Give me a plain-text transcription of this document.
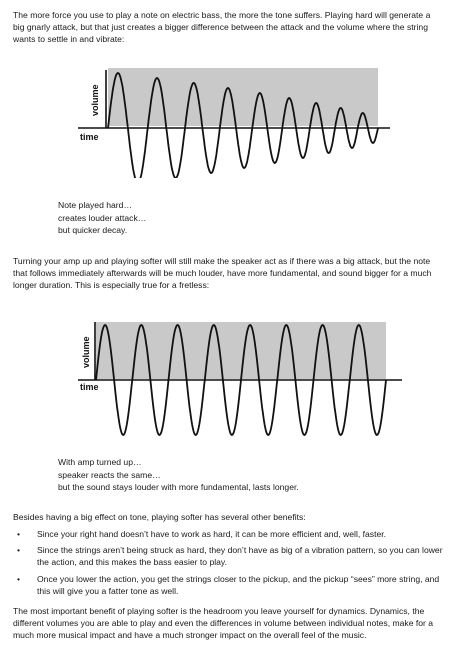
The more force you use to play a note on electric bass, the more the tone suffers. Playing hard will generate a big gnarly attack, but that just creates a bigger difference between the attack and the volume where the string wants to settle in and vibrate:

volume
time
Note played hard…
creates louder attack…
but quicker decay.

Turning your amp up and playing softer will still make the speaker act as if there was a big attack, but the note that follows immediately afterwards will be much louder, have more fundamental, and sound bigger for a much longer duration. This is especially true for a fretless:

volume
time
With amp turned up…
speaker reacts the same…
but the sound stays louder with more fundamental, lasts longer.

Besides having a big effect on tone, playing softer has several other benefits:

• Since your right hand doesn’t have to work as hard, it can be more efficient and, well, faster.
• Since the strings aren’t being struck as hard, they don’t have as big of a vibration pattern, so you can lower the action, and this makes the bass easier to play.
• Once you lower the action, you get the strings closer to the pickup, and the pickup “sees” more string, and this will give you a fatter tone as well.

The most important benefit of playing softer is the headroom you leave yourself for dynamics. Dynamics, the different volumes you are able to play and even the differences in volume between individual notes, make for a much more musical impact and have a much stronger impact on the overall feel of the music.
